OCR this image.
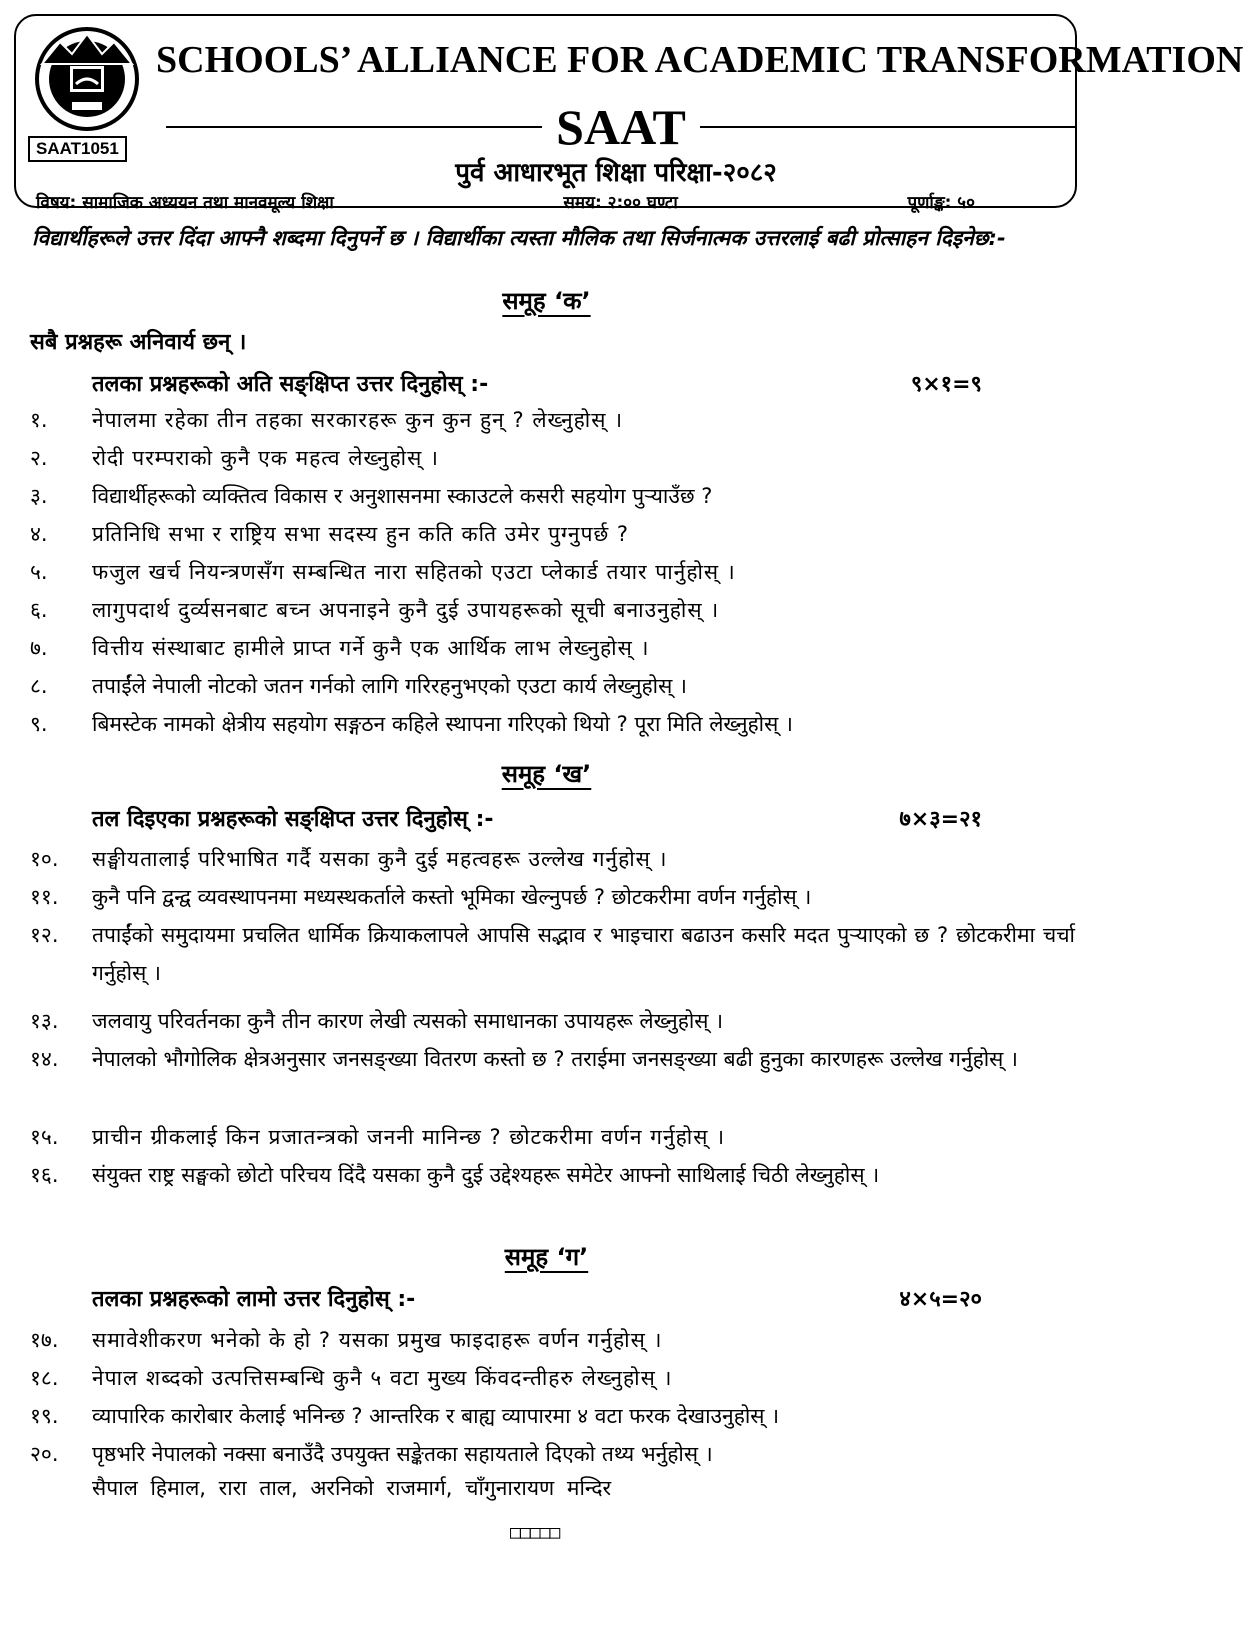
SAAT1051
SCHOOLS’ ALLIANCE FOR ACADEMIC TRANSFORMATION
SAAT
पुर्व आधारभूत शिक्षा परिक्षा-२०८२
विषय: सामाजिक अध्ययन तथा मानवमूल्य शिक्षा	समय: २:०० घण्टा	पूर्णाङ्क: ५०

विद्यार्थीहरूले उत्तर दिंदा आफ्नै शब्दमा दिनुपर्ने छ । विद्यार्थीका त्यस्ता मौलिक तथा सिर्जनात्मक उत्तरलाई बढी प्रोत्साहन दिइनेछ:-

समूह ‘क’

सबै प्रश्नहरू अनिवार्य छन् ।

तलका प्रश्नहरूको अति सङ्क्षिप्त उत्तर दिनुहोस् :-	९×१=९
१.	नेपालमा रहेका तीन तहका सरकारहरू कुन कुन हुन् ? लेख्नुहोस् ।
२.	रोदी परम्पराको कुनै एक महत्व लेख्नुहोस् ।
३.	विद्यार्थीहरूको व्यक्तित्व विकास र अनुशासनमा स्काउटले कसरी सहयोग पुऱ्याउँछ ?
४.	प्रतिनिधि सभा र राष्ट्रिय सभा सदस्य हुन कति कति उमेर पुग्नुपर्छ ?
५.	फजुल खर्च नियन्त्रणसँग सम्बन्धित नारा सहितको एउटा प्लेकार्ड तयार पार्नुहोस् ।
६.	लागुपदार्थ दुर्व्यसनबाट बच्न अपनाइने कुनै दुई उपायहरूको सूची बनाउनुहोस् ।
७.	वित्तीय संस्थाबाट हामीले प्राप्त गर्ने कुनै एक आर्थिक लाभ लेख्नुहोस् ।
८.	तपाईंले नेपाली नोटको जतन गर्नको लागि गरिरहनुभएको एउटा कार्य लेख्नुहोस् ।
९.	बिमस्टेक नामको क्षेत्रीय सहयोग सङ्गठन कहिले स्थापना गरिएको थियो ? पूरा मिति लेख्नुहोस् ।
समूह ‘ख’
तल दिइएका प्रश्नहरूको सङ्क्षिप्त उत्तर दिनुहोस् :-	७×३=२१
१०.	सङ्घीयतालाई परिभाषित गर्दै यसका कुनै दुई महत्वहरू उल्लेख गर्नुहोस् ।
११.	कुनै पनि द्वन्द्व व्यवस्थापनमा मध्यस्थकर्ताले कस्तो भूमिका खेल्नुपर्छ ? छोटकरीमा वर्णन गर्नुहोस् ।
१२.	तपाईंको समुदायमा प्रचलित धार्मिक क्रियाकलापले आपसि सद्भाव र भाइचारा बढाउन कसरि मदत पुऱ्याएको छ ? छोटकरीमा चर्चा गर्नुहोस् ।
१३.	जलवायु परिवर्तनका कुनै तीन कारण लेखी त्यसको समाधानका उपायहरू लेख्नुहोस् ।
१४.	नेपालको भौगोलिक क्षेत्रअनुसार जनसङ्ख्या वितरण कस्तो छ ? तराईमा जनसङ्ख्या बढी हुनुका कारणहरू उल्लेख गर्नुहोस् ।
१५.	प्राचीन ग्रीकलाई किन प्रजातन्त्रको जननी मानिन्छ ? छोटकरीमा वर्णन गर्नुहोस् ।
१६.	संयुक्त राष्ट्र सङ्घको छोटो परिचय दिंदै यसका कुनै दुई उद्देश्यहरू समेटेर आफ्नो साथिलाई चिठी लेख्नुहोस् ।
समूह ‘ग’
तलका प्रश्नहरूको लामो उत्तर दिनुहोस् :-	४×५=२०
१७.	समावेशीकरण भनेको के हो ? यसका प्रमुख फाइदाहरू वर्णन गर्नुहोस् ।
१८.	नेपाल शब्दको उत्पत्तिसम्बन्धि कुनै ५ वटा मुख्य किंवदन्तीहरु लेख्नुहोस् ।
१९.	व्यापारिक कारोबार केलाई भनिन्छ ? आन्तरिक र बाह्य व्यापारमा ४ वटा फरक देखाउनुहोस् ।
२०.	पृष्ठभरि नेपालको नक्सा बनाउँदै उपयुक्त सङ्केतका सहायताले दिएको तथ्य भर्नुहोस् ।
सैपाल हिमाल, रारा ताल, अरनिको राजमार्ग, चाँगुनारायण मन्दिर
□□□□□
